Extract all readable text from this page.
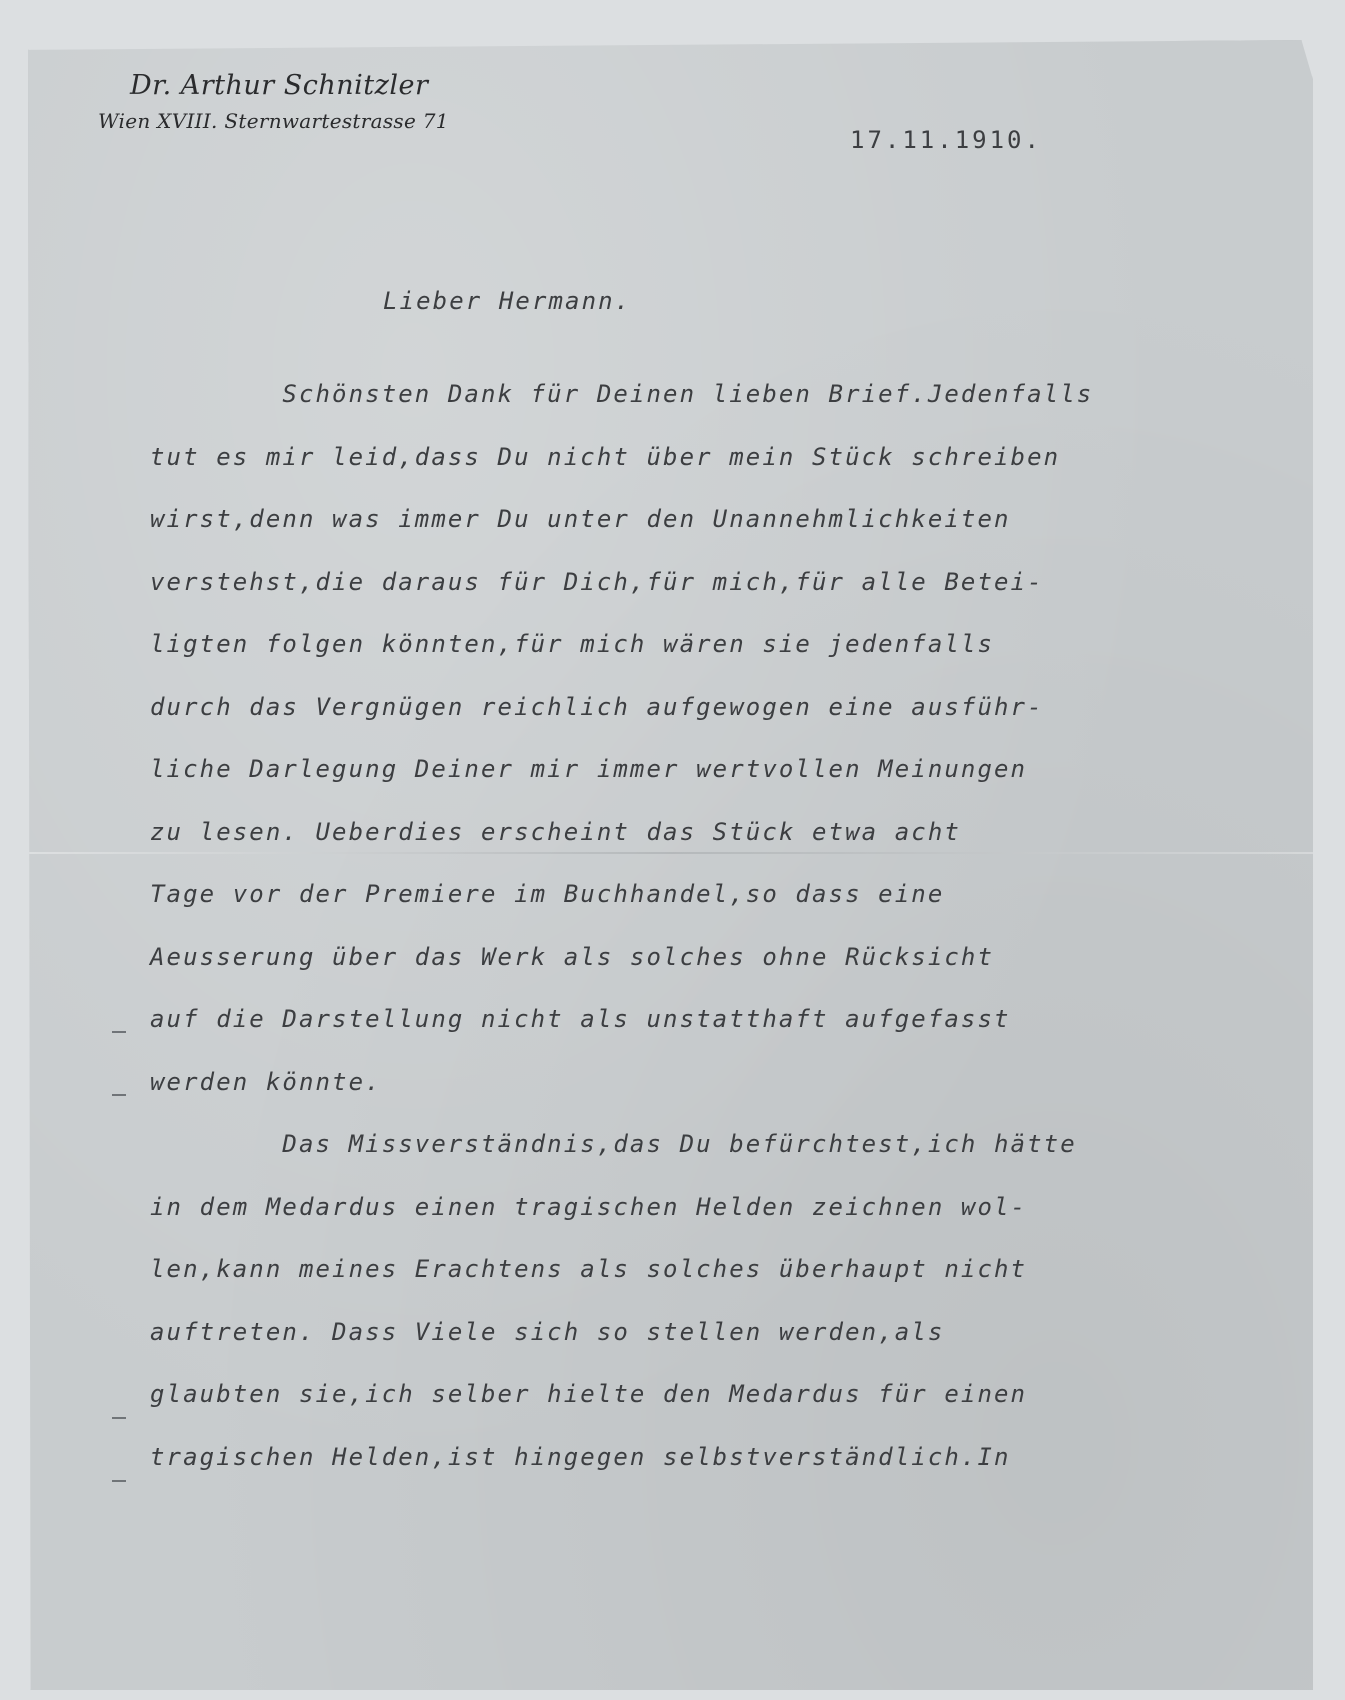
Dr. Arthur Schnitzler
Wien XVIII. Sternwartestrasse 71
17.11.1910.
Lieber Hermann.
Schönsten Dank für Deinen lieben Brief.Jedenfalls
tut es mir leid,dass Du nicht über mein Stück schreiben
wirst,denn was immer Du unter den Unannehmlichkeiten
verstehst,die daraus für Dich,für mich,für alle Betei-
ligten folgen könnten,für mich wären sie jedenfalls
durch das Vergnügen reichlich aufgewogen eine ausführ-
liche Darlegung Deiner mir immer wertvollen Meinungen
zu lesen. Ueberdies erscheint das Stück etwa acht
Tage vor der Premiere im Buchhandel,so dass eine
Aeusserung über das Werk als solches ohne Rücksicht
auf die Darstellung nicht als unstatthaft aufgefasst
werden könnte.
Das Missverständnis,das Du befürchtest,ich hätte
in dem Medardus einen tragischen Helden zeichnen wol-
len,kann meines Erachtens als solches überhaupt nicht
auftreten. Dass Viele sich so stellen werden,als
glaubten sie,ich selber hielte den Medardus für einen
tragischen Helden,ist hingegen selbstverständlich.In
